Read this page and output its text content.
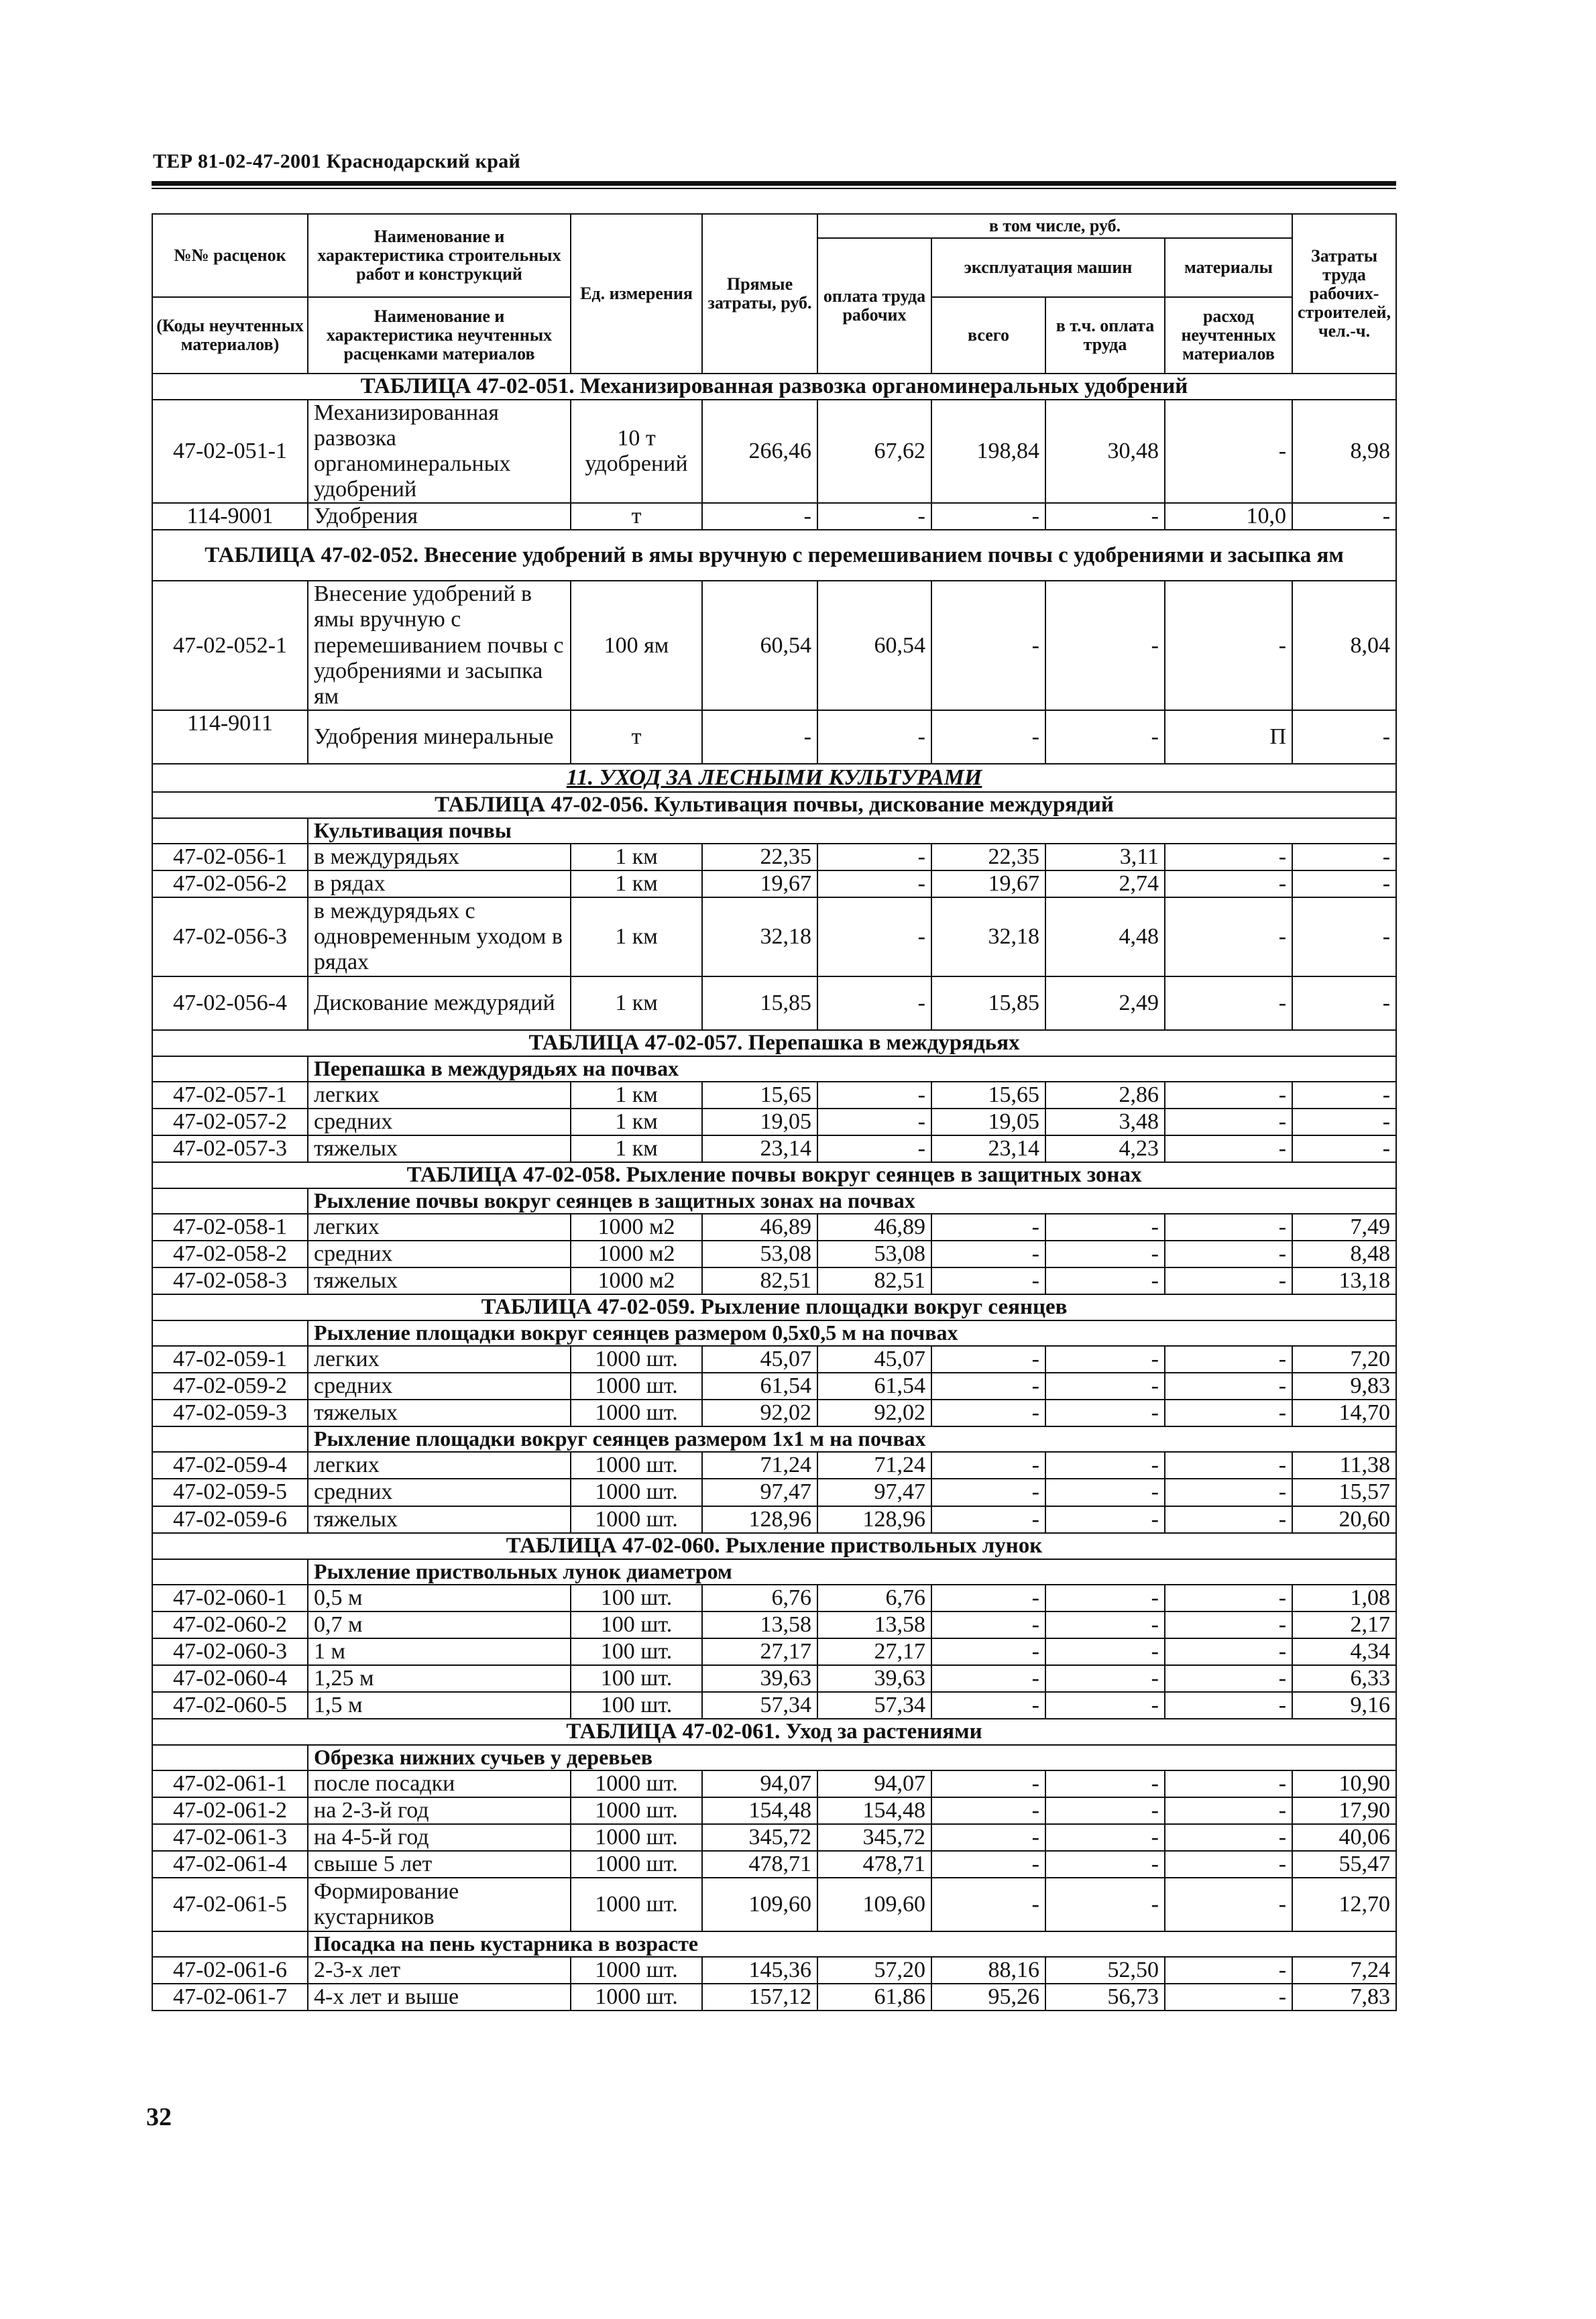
ТЕР 81-02-47-2001 Краснодарский край
№№ расценок	Наименование и характеристика строительных работ и конструкций	Ед. измерения	Прямые затраты, руб.	в том числе, руб.				Затраты труда рабочих-строителей, чел.-ч.
				оплата труда рабочих	эксплуатация машин		материалы	
(Коды неучтенных материалов)	Наименование и характеристика неучтенных расценками материалов				всего	в т.ч. оплата труда	расход неучтенных материалов	

ТАБЛИЦА 47-02-051. Механизированная развозка органоминеральных удобрений								
47-02-051-1	Механизированная развозка органоминеральных удобрений	10 т удобрений	266,46	67,62	198,84	30,48	-	8,98
114-9001	Удобрения	т	-	-	-	-	10,0	-
ТАБЛИЦА 47-02-052. Внесение удобрений в ямы вручную с перемешиванием почвы с удобрениями и засыпка ям								
47-02-052-1	Внесение удобрений в ямы вручную с перемешиванием почвы с удобрениями и засыпка ям	100 ям	60,54	60,54	-	-	-	8,04
114-9011	Удобрения минеральные	т	-	-	-	-	П	-
11. УХОД ЗА ЛЕСНЫМИ КУЛЬТУРАМИ								
ТАБЛИЦА 47-02-056. Культивация почвы, дискование междурядий								
	Культивация почвы							
47-02-056-1	в междурядьях	1 км	22,35	-	22,35	3,11	-	-
47-02-056-2	в рядах	1 км	19,67	-	19,67	2,74	-	-
47-02-056-3	в междурядьях с одновременным уходом в рядах	1 км	32,18	-	32,18	4,48	-	-
47-02-056-4	Дискование междурядий	1 км	15,85	-	15,85	2,49	-	-
ТАБЛИЦА 47-02-057. Перепашка в междурядьях								
	Перепашка в междурядьях на почвах							
47-02-057-1	легких	1 км	15,65	-	15,65	2,86	-	-
47-02-057-2	средних	1 км	19,05	-	19,05	3,48	-	-
47-02-057-3	тяжелых	1 км	23,14	-	23,14	4,23	-	-
ТАБЛИЦА 47-02-058. Рыхление почвы вокруг сеянцев в защитных зонах								
	Рыхление почвы вокруг сеянцев в защитных зонах на почвах							
47-02-058-1	легких	1000 м2	46,89	46,89	-	-	-	7,49
47-02-058-2	средних	1000 м2	53,08	53,08	-	-	-	8,48
47-02-058-3	тяжелых	1000 м2	82,51	82,51	-	-	-	13,18
ТАБЛИЦА 47-02-059. Рыхление площадки вокруг сеянцев								
	Рыхление площадки вокруг сеянцев размером 0,5х0,5 м на почвах							
47-02-059-1	легких	1000 шт.	45,07	45,07	-	-	-	7,20
47-02-059-2	средних	1000 шт.	61,54	61,54	-	-	-	9,83
47-02-059-3	тяжелых	1000 шт.	92,02	92,02	-	-	-	14,70
	Рыхление площадки вокруг сеянцев размером 1х1 м на почвах							
47-02-059-4	легких	1000 шт.	71,24	71,24	-	-	-	11,38
47-02-059-5	средних	1000 шт.	97,47	97,47	-	-	-	15,57
47-02-059-6	тяжелых	1000 шт.	128,96	128,96	-	-	-	20,60
ТАБЛИЦА 47-02-060. Рыхление приствольных лунок								
	Рыхление приствольных лунок диаметром							
47-02-060-1	0,5 м	100 шт.	6,76	6,76	-	-	-	1,08
47-02-060-2	0,7 м	100 шт.	13,58	13,58	-	-	-	2,17
47-02-060-3	1 м	100 шт.	27,17	27,17	-	-	-	4,34
47-02-060-4	1,25 м	100 шт.	39,63	39,63	-	-	-	6,33
47-02-060-5	1,5 м	100 шт.	57,34	57,34	-	-	-	9,16
ТАБЛИЦА 47-02-061. Уход за растениями								
	Обрезка нижних сучьев у деревьев							
47-02-061-1	после посадки	1000 шт.	94,07	94,07	-	-	-	10,90
47-02-061-2	на 2-3-й год	1000 шт.	154,48	154,48	-	-	-	17,90
47-02-061-3	на 4-5-й год	1000 шт.	345,72	345,72	-	-	-	40,06
47-02-061-4	свыше 5 лет	1000 шт.	478,71	478,71	-	-	-	55,47
47-02-061-5	Формирование кустарников	1000 шт.	109,60	109,60	-	-	-	12,70
	Посадка на пень кустарника в возрасте							
47-02-061-6	2-3-х лет	1000 шт.	145,36	57,20	88,16	52,50	-	7,24
47-02-061-7	4-х лет и выше	1000 шт.	157,12	61,86	95,26	56,73	-	7,83
32
